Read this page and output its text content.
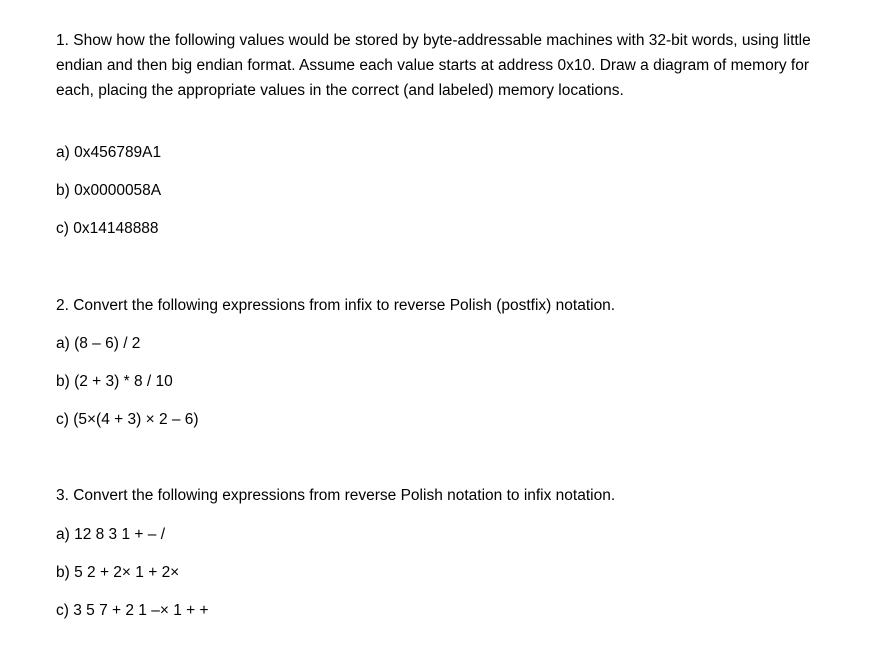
1. Show how the following values would be stored by byte-addressable machines with 32-bit words, using little endian and then big endian format. Assume each value starts at address 0x10. Draw a diagram of memory for each, placing the appropriate values in the correct (and labeled) memory locations.

a) 0x456789A1

b) 0x0000058A

c) 0x14148888

2. Convert the following expressions from infix to reverse Polish (postfix) notation.

a) (8 – 6) / 2

b) (2 + 3) * 8 / 10

c) (5×(4 + 3) × 2 – 6)

3. Convert the following expressions from reverse Polish notation to infix notation.

a) 12 8 3 1 + – /

b) 5 2 + 2× 1 + 2×

c) 3 5 7 + 2 1 –× 1 + +
